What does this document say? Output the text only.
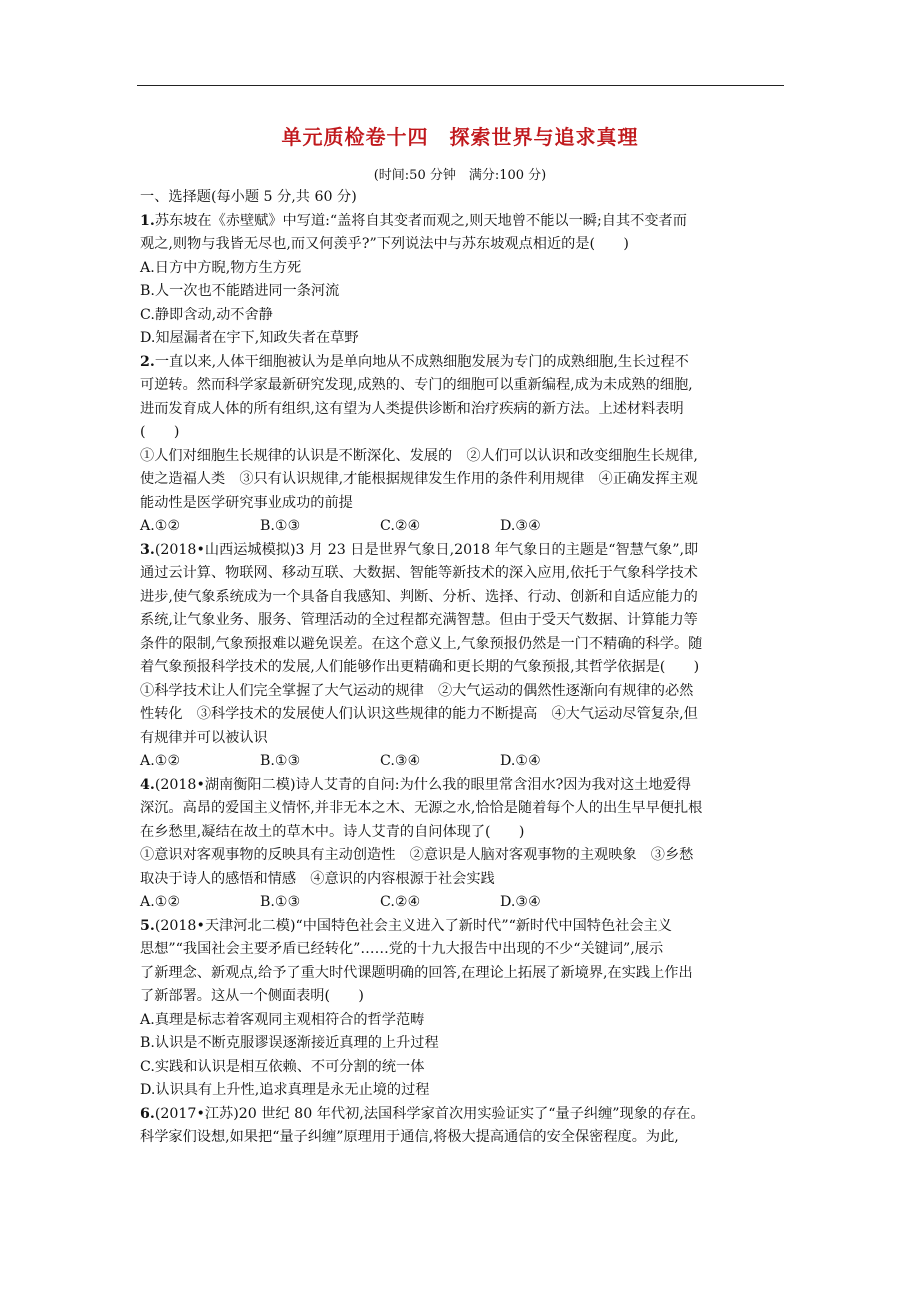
单元质检卷十四　探索世界与追求真理
(时间:50 分钟　满分:100 分)

一、选择题(每小题 5 分,共 60 分)

1.苏东坡在《赤壁赋》中写道:“盖将自其变者而观之,则天地曾不能以一瞬;自其不变者而

观之,则物与我皆无尽也,而又何羡乎?”下列说法中与苏东坡观点相近的是(　　)

A.日方中方睨,物方生方死

B.人一次也不能踏进同一条河流

C.静即含动,动不舍静

D.知屋漏者在宇下,知政失者在草野

2.一直以来,人体干细胞被认为是单向地从不成熟细胞发展为专门的成熟细胞,生长过程不

可逆转。然而科学家最新研究发现,成熟的、专门的细胞可以重新编程,成为未成熟的细胞,

进而发育成人体的所有组织,这有望为人类提供诊断和治疗疾病的新方法。上述材料表明

(　　)

①人们对细胞生长规律的认识是不断深化、发展的　②人们可以认识和改变细胞生长规律,

使之造福人类　③只有认识规律,才能根据规律发生作用的条件利用规律　④正确发挥主观

能动性是医学研究事业成功的前提

A.①②	B.①③	C.②④	D.③④

3.(2018•山西运城模拟)3 月 23 日是世界气象日,2018 年气象日的主题是“智慧气象”,即

通过云计算、物联网、移动互联、大数据、智能等新技术的深入应用,依托于气象科学技术

进步,使气象系统成为一个具备自我感知、判断、分析、选择、行动、创新和自适应能力的

系统,让气象业务、服务、管理活动的全过程都充满智慧。但由于受天气数据、计算能力等

条件的限制,气象预报难以避免误差。在这个意义上,气象预报仍然是一门不精确的科学。随

着气象预报科学技术的发展,人们能够作出更精确和更长期的气象预报,其哲学依据是(　　)

①科学技术让人们完全掌握了大气运动的规律　②大气运动的偶然性逐渐向有规律的必然

性转化　③科学技术的发展使人们认识这些规律的能力不断提高　④大气运动尽管复杂,但

有规律并可以被认识

A.①②	B.①③	C.③④	D.①④

4.(2018•湖南衡阳二模)诗人艾青的自问:为什么我的眼里常含泪水?因为我对这土地爱得

深沉。高昂的爱国主义情怀,并非无本之木、无源之水,恰恰是随着每个人的出生早早便扎根

在乡愁里,凝结在故土的草木中。诗人艾青的自问体现了(　　)

①意识对客观事物的反映具有主动创造性　②意识是人脑对客观事物的主观映象　③乡愁

取决于诗人的感悟和情感　④意识的内容根源于社会实践

A.①②	B.①③	C.②④	D.③④

5.(2018•天津河北二模)“中国特色社会主义进入了新时代”“新时代中国特色社会主义

思想”“我国社会主要矛盾已经转化”……党的十九大报告中出现的不少“关键词”,展示

了新理念、新观点,给予了重大时代课题明确的回答,在理论上拓展了新境界,在实践上作出

了新部署。这从一个侧面表明(　　)

A.真理是标志着客观同主观相符合的哲学范畴

B.认识是不断克服谬误逐渐接近真理的上升过程

C.实践和认识是相互依赖、不可分割的统一体

D.认识具有上升性,追求真理是永无止境的过程

6.(2017•江苏)20 世纪 80 年代初,法国科学家首次用实验证实了“量子纠缠”现象的存在。

科学家们设想,如果把“量子纠缠”原理用于通信,将极大提高通信的安全保密程度。为此,
